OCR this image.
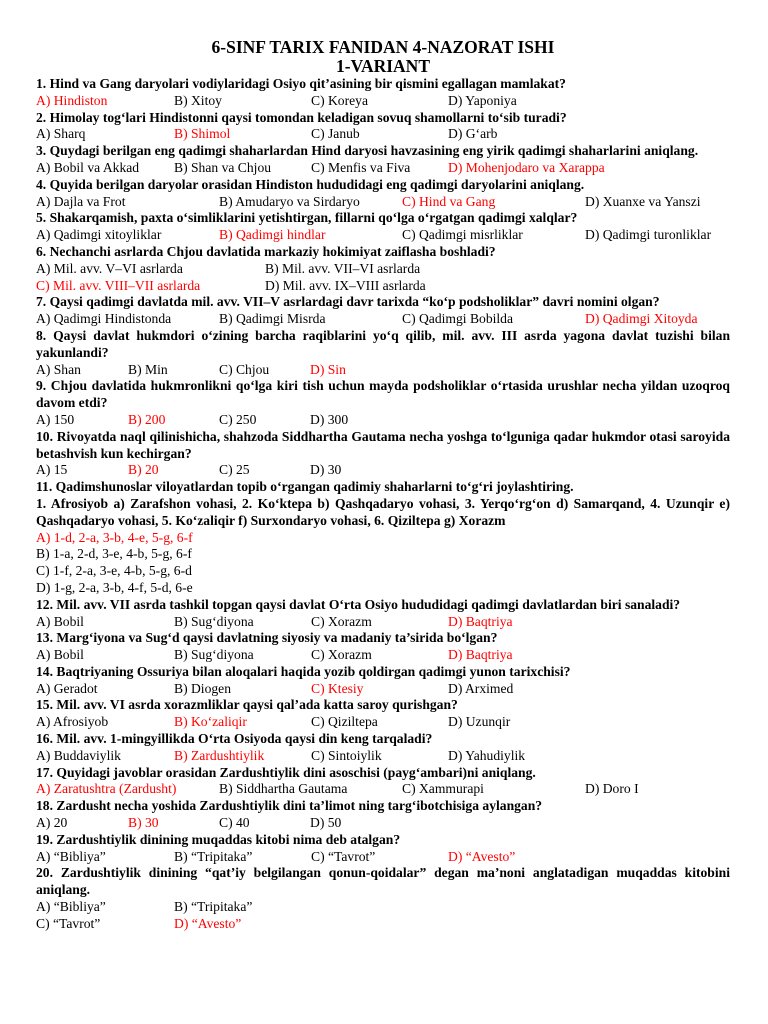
6-SINF TARIX FANIDAN 4-NAZORAT ISHI
1-VARIANT
1. Hind va Gang daryolari vodiylaridagi Osiyo qit’asining bir qismini egallagan mamlakat?
A) Hindiston	B) Xitoy	C) Koreya	D) Yaponiya
2. Himolay tog‘lari Hindistonni qaysi tomondan keladigan sovuq shamollarni to‘sib turadi?
A) Sharq	B) Shimol	C) Janub	D) G‘arb
3. Quydagi berilgan eng qadimgi shaharlardan Hind daryosi havzasining eng yirik qadimgi shaharlarini aniqlang.
A) Bobil va Akkad	B) Shan va Chjou	C) Menfis va Fiva	D) Mohenjodaro va Xarappa
4. Quyida berilgan daryolar orasidan Hindiston hududidagi eng qadimgi daryolarini aniqlang.
A) Dajla va Frot	B) Amudaryo va Sirdaryo	C) Hind va Gang	D) Xuanxe va Yanszi
5. Shakarqamish, paxta o‘simliklarini yetishtirgan, fillarni qo‘lga o‘rgatgan qadimgi xalqlar?
A) Qadimgi xitoyliklar	B) Qadimgi hindlar	C) Qadimgi misrliklar	D) Qadimgi turonliklar
6. Nechanchi asrlarda Chjou davlatida markaziy hokimiyat zaiflasha boshladi?
A) Mil. avv. V–VI asrlarda	B) Mil. avv. VII–VI asrlarda
C) Mil. avv. VIII–VII asrlarda	D) Mil. avv. IX–VIII asrlarda
7. Qaysi qadimgi davlatda mil. avv. VII–V asrlardagi davr tarixda “ko‘p podsholiklar” davri nomini olgan?
A) Qadimgi Hindistonda	B) Qadimgi Misrda	C) Qadimgi Bobilda	D) Qadimgi Xitoyda
8. Qaysi davlat hukmdori o‘zining barcha raqiblarini yo‘q qilib, mil. avv. III asrda yagona davlat tuzishi bilan yakunlandi?
A) Shan	B) Min	C) Chjou	D) Sin
9. Chjou davlatida hukmronlikni qo‘lga kiri tish uchun mayda podsholiklar o‘rtasida urushlar necha yildan uzoqroq davom etdi?
A) 150	B) 200	C) 250	D) 300
10. Rivoyatda naql qilinishicha, shahzoda Siddhartha Gautama necha yoshga to‘lguniga qadar hukmdor otasi saroyida betashvish kun kechirgan?
A) 15	B) 20	C) 25	D) 30
11. Qadimshunoslar viloyatlardan topib o‘rgangan qadimiy shaharlarni to‘g‘ri joylashtiring.
1. Afrosiyob a) Zarafshon vohasi, 2. Ko‘ktepa b) Qashqadaryo vohasi, 3. Yerqo‘rg‘on d) Samarqand, 4. Uzunqir e) Qashqadaryo vohasi, 5. Ko‘zaliqir f) Surxondaryo vohasi, 6. Qiziltepa g) Xorazm
A) 1-d, 2-a, 3-b, 4-e, 5-g, 6-f
B) 1-a, 2-d, 3-e, 4-b, 5-g, 6-f
C) 1-f, 2-a, 3-e, 4-b, 5-g, 6-d
D) 1-g, 2-a, 3-b, 4-f, 5-d, 6-e
12. Mil. avv. VII asrda tashkil topgan qaysi davlat O‘rta Osiyo hududidagi qadimgi davlatlardan biri sanaladi?
A) Bobil	B) Sug‘diyona	C) Xorazm	D) Baqtriya
13. Marg‘iyona va Sug‘d qaysi davlatning siyosiy va madaniy ta’sirida bo‘lgan?
A) Bobil	B) Sug‘diyona	C) Xorazm	D) Baqtriya
14. Baqtriyaning Ossuriya bilan aloqalari haqida yozib qoldirgan qadimgi yunon tarixchisi?
A) Geradot	B) Diogen	C) Ktesiy	D) Arximed
15. Mil. avv. VI asrda xorazmliklar qaysi qal’ada katta saroy qurishgan?
A) Afrosiyob	B) Ko‘zaliqir	C) Qiziltepa	D) Uzunqir
16. Mil. avv. 1-mingyillikda O‘rta Osiyoda qaysi din keng tarqaladi?
A) Buddaviylik	B) Zardushtiylik	C) Sintoiylik	D) Yahudiylik
17. Quyidagi javoblar orasidan Zardushtiylik dini asoschisi (payg‘ambari)ni aniqlang.
A) Zaratushtra (Zardusht)	B) Siddhartha Gautama	C) Xammurapi	D) Doro I
18. Zardusht necha yoshida Zardushtiylik dini ta’limot ning targ‘ibotchisiga aylangan?
A) 20	B) 30	C) 40	D) 50
19. Zardushtiylik dinining muqaddas kitobi nima deb atalgan?
A) “Bibliya”	B) “Tripitaka”	C) “Tavrot”	D) “Avesto”
20. Zardushtiylik dinining “qat’iy belgilangan qonun-qoidalar” degan ma’noni anglatadigan muqaddas kitobini aniqlang.
A) “Bibliya”	B) “Tripitaka”
C) “Tavrot”	D) “Avesto”
